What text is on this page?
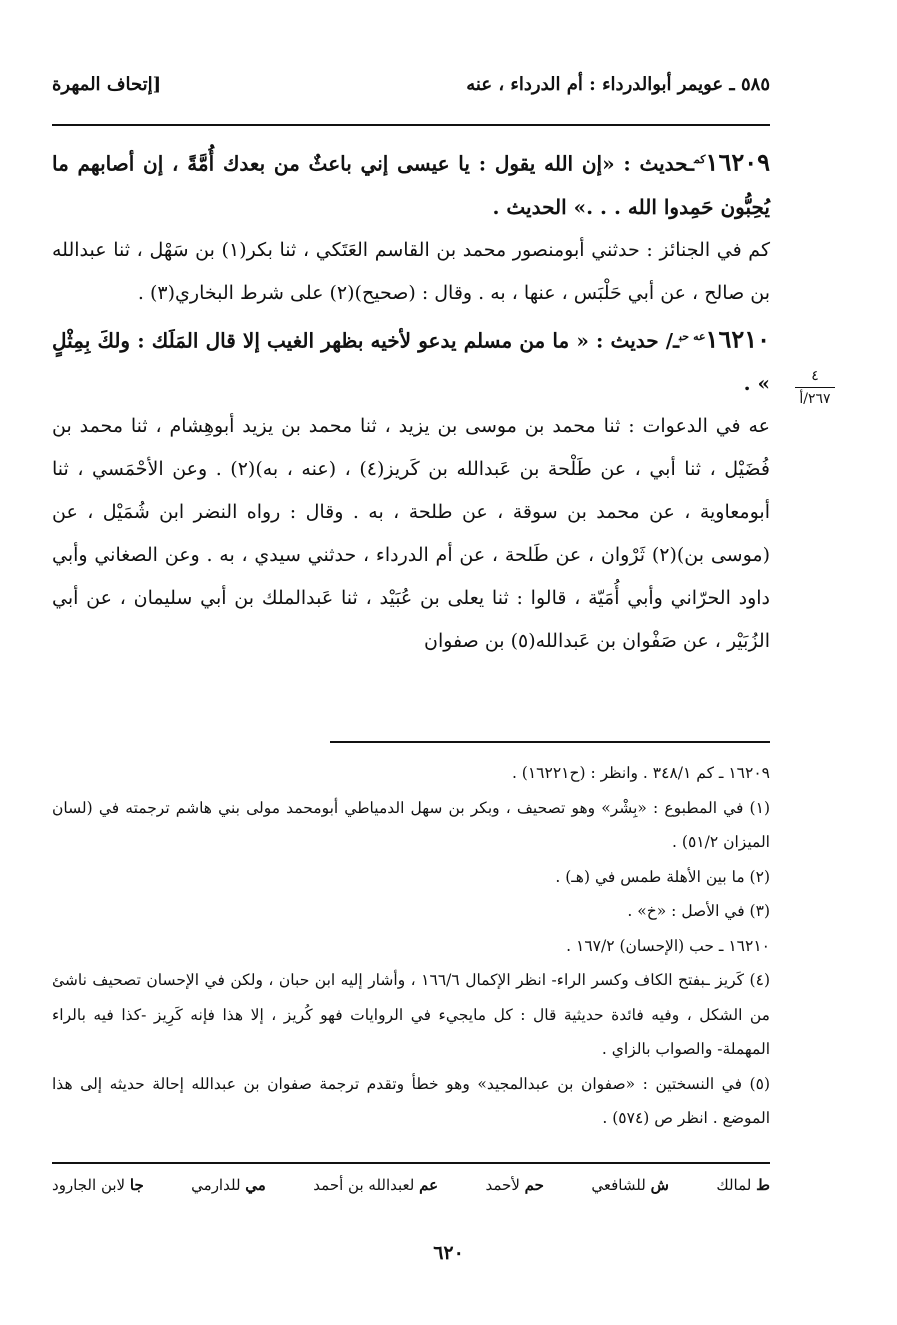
٥٨٥ ـ عويمر أبوالدرداء : أم الدرداء ، عنه
[إتحاف المهرة
٤
٢٦٧/أ

$١٦٢٠٩^{كم}ـحديث$ : «إن الله يقول : يا عيسى إني باعثٌ من بعدك أُمَّةً ، إن أصابهم ما يُحِبُّون حَمِدوا الله . . .» الحديث .

كم في الجنائز : حدثني أبومنصور محمد بن القاسم العَتَكي ، ثنا بكر(١) بن سَهْل ، ثنا عبدالله بن صالح ، عن أبي حَلْبَس ، عنها ، به . وقال : (صحيح)(٢) على شرط البخاري(٣) .

$١٦٢١٠^{عه حب}ـ/$ حديث : « ما من مسلم يدعو لأخيه بظهر الغيب إلا قال المَلَك : ولكَ بِمِثْلٍ » .

عه في الدعوات : ثنا محمد بن موسى بن يزيد ، ثنا محمد بن يزيد أبوهِشام ، ثنا محمد بن فُضَيْل ، ثنا أبي ، عن طَلْحة بن عَبدالله بن كَريز(٤) ، (عنه ، به)(٢) . وعن الأحْمَسي ، ثنا أبومعاوية ، عن محمد بن سوقة ، عن طلحة ، به . وقال : رواه النضر ابن شُمَيْل ، عن (موسى بن)(٢) ثَرْوان ، عن طَلحة ، عن أم الدرداء ، حدثني سيدي ، به . وعن الصغاني وأبي داود الحرّاني وأبي أُمَيّة ، قالوا : ثنا يعلى بن عُبَيْد ، ثنا عَبدالملك بن أبي سليمان ، عن أبي الزُبَيْر ، عن صَفْوان بن عَبدالله(٥) بن صفوان

١٦٢٠٩ ـ كم ٣٤٨/١ . وانظر : (ح١٦٢٢١) .

(١) في المطبوع : «بِشْر» وهو تصحيف ، وبكر بن سهل الدمياطي أبومحمد مولى بني هاشم ترجمته في (لسان الميزان ٥١/٢) .

(٢) ما بين الأهلة طمس في (هـ) .

(٣) في الأصل : «خ» .

١٦٢١٠ ـ حب (الإحسان) ١٦٧/٢ .

(٤) كَريز ـبفتح الكاف وكسر الراء‑ انظر الإكمال ١٦٦/٦ ، وأشار إليه ابن حبان ، ولكن في الإحسان تصحيف ناشئ من الشكل ، وفيه فائدة حديثية قال : كل مايجيء في الروايات فهو كُريز ، إلا هذا فإنه كَرِيز ‑كذا فيه بالراء المهملة‑ والصواب بالزاي .

(٥) في النسختين : «صفوان بن عبدالمجيد» وهو خطأ وتقدم ترجمة صفوان بن عبدالله إحالة حديثه إلى هذا الموضع . انظر ص (٥٧٤) .

ط لمالك
ش للشافعي
حم لأحمد
عم لعبدالله بن أحمد
مي للدارمي
جا لابن الجارود
٦٢٠
